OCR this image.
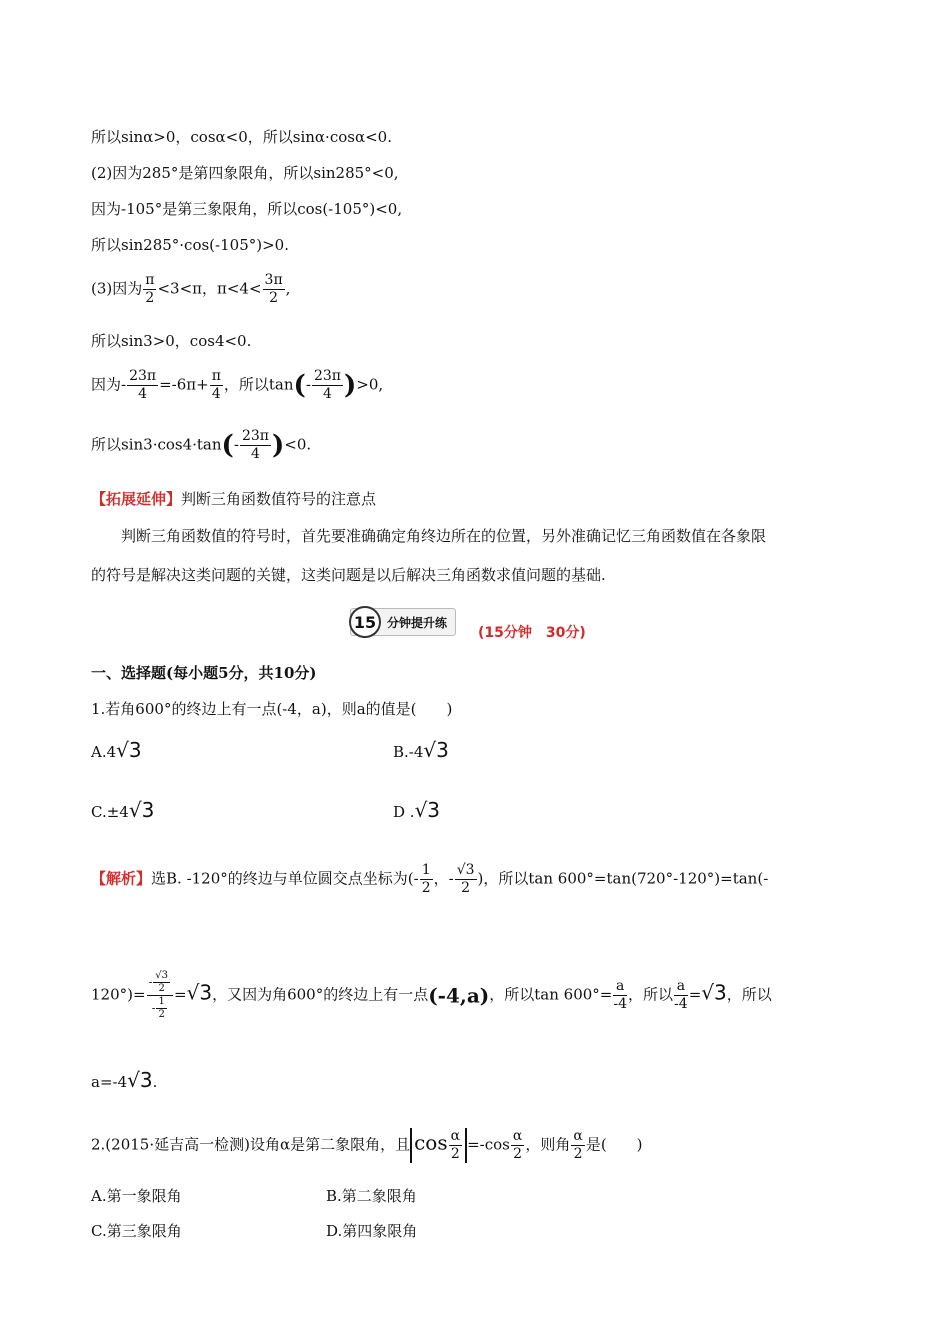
所以sinα>0，cosα<0，所以sinα·cosα<0.
(2)因为285°是第四象限角，所以sin285°<0,
因为-105°是第三象限角，所以cos(-105°)<0,
所以sin285°·cos(-105°)>0.
(3)因为 $\frac{\pi}{2} <3<\pi$，$\pi<4< \frac{3\pi}{2}$ ,
所以sin3>0，cos4<0.
因为- $\frac{23\pi}{4} =-6\pi+ \frac{\pi}{4}$ ，所以$\tan(- \frac{23\pi}{4} )>0$,
所以$\sin 3\cdot\cos 4\cdot\tan(- \frac{23\pi}{4} )<0$.
【拓展延伸】判断三角函数值符号的注意点
判断三角函数值的符号时，首先要准确确定角终边所在的位置，另外准确记忆三角函数值在各象限
的符号是解决这类问题的关键，这类问题是以后解决三角函数求值问题的基础.
15 分钟提升练
(15分钟　30分)
一、选择题(每小题5分，共10分)
1.若角600°的终边上有一点(-4，a)，则a的值是(　　)
A.4√3	B.-4√3
C.±4√3	D .√3
【解析】选B. -120°的终边与单位圆交点坐标为(- $\frac{1}{2}$ ，- $\frac{√3}{2}$ )，所以tan 600°=tan(720°-120°)=tan(-
$120^\circ)= \frac{- \frac{√3}{2}}{- \frac{1}{2}} =√3$，又因为角600°的终边上有一点(-4,a)，所以$\tan 600^\circ= \frac{a}{-4}$ ，所以 $\frac{a}{-4} =√3$，所以
a=-4√3.
2.(2015·延吉高一检测)设角α是第二象限角，且 $\cos \frac{\alpha}{2} =-\cos \frac{\alpha}{2}$ ，则角 $\frac{\alpha}{2}$ 是(　　)
A.第一象限角	B.第二象限角
C.第三象限角	D.第四象限角
